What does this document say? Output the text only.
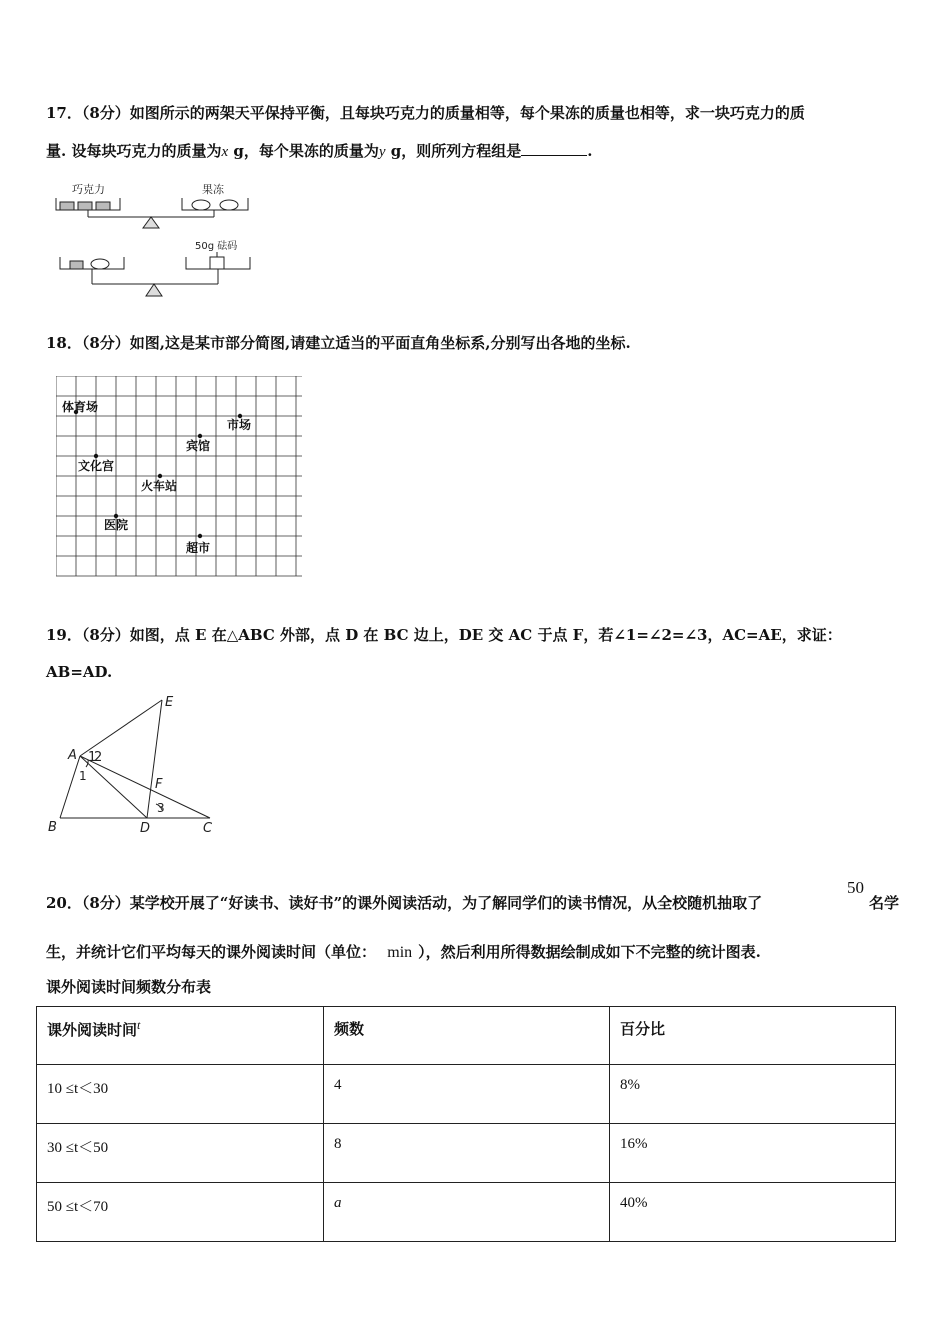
17．（8分）如图所示的两架天平保持平衡，且每块巧克力的质量相等，每个果冻的质量也相等，求一块巧克力的质
量. 设每块巧克力的质量为x g，每个果冻的质量为y g，则所列方程组是	.
巧克力	果冻
50g 砝码
18．（8分）如图,这是某市部分简图,请建立适当的平面直角坐标系,分别写出各地的坐标.
体育场
市场
宾馆
文化宫
火车站
医院
超市
19．（8分）如图，点 E 在△ABC 外部，点 D 在 BC 边上，DE 交 AC 于点 F，若∠1=∠2=∠3，AC=AE，求证：
AB=AD.
E
A
F
B	D	C
1
2
1
3
20．（8分）某学校开展了“好读书、读好书”的课外阅读活动，为了解同学们的读书情况，从全校随机抽取了
50
名学
生，并统计它们平均每天的课外阅读时间（单位： min ），然后利用所得数据绘制成如下不完整的统计图表.
课外阅读时间频数分布表
课外阅读时间$^t$	频数	百分比
10 ≤t＜30	4	8%
30 ≤t＜50	8	16%
50 ≤t＜70	a	40%
